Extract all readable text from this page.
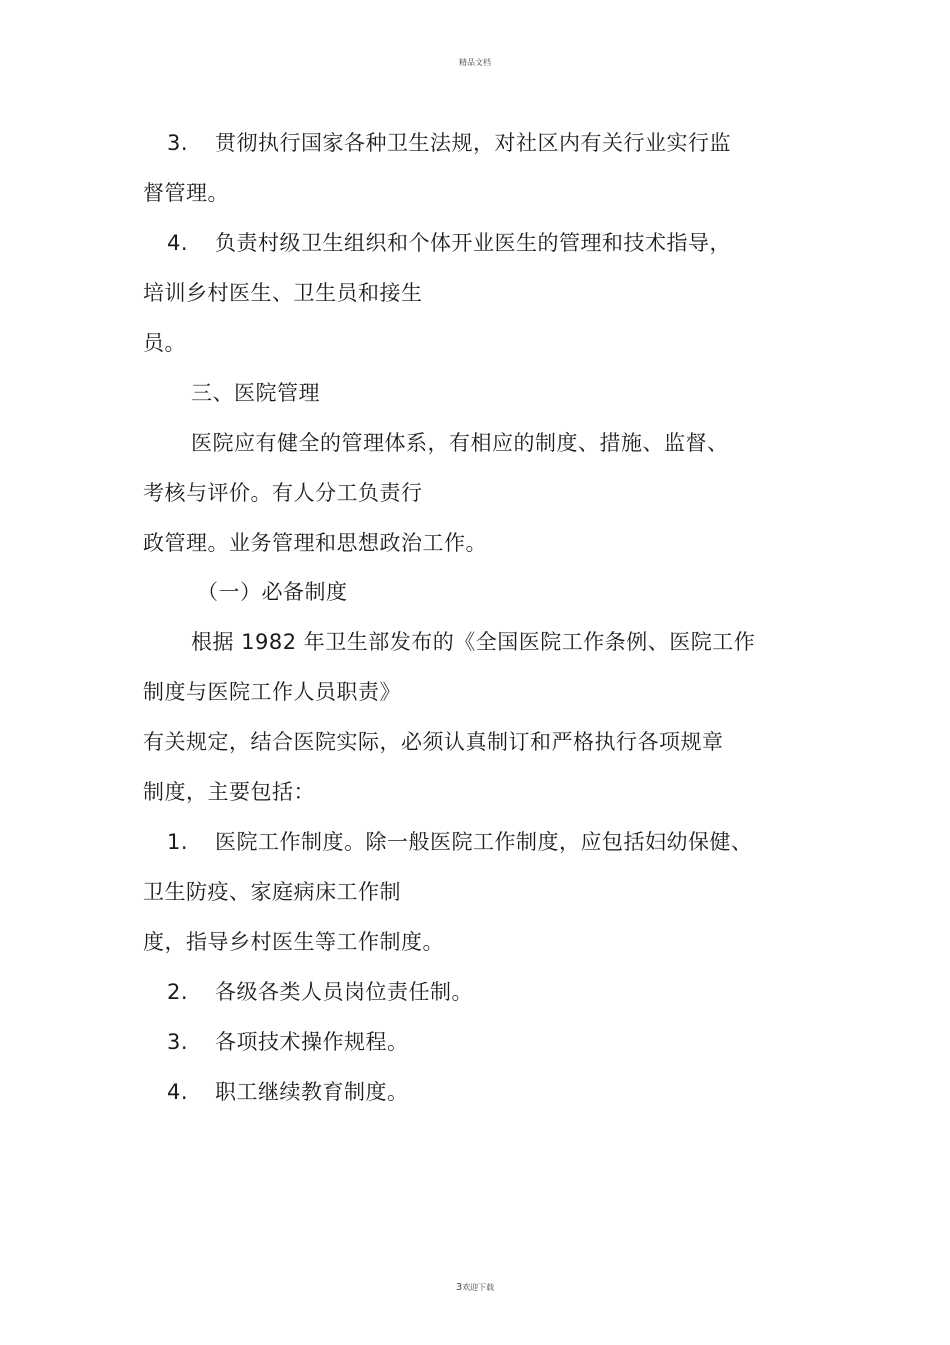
精品文档
3. 贯彻执行国家各种卫生法规，对社区内有关行业实行监
督管理。
4. 负责村级卫生组织和个体开业医生的管理和技术指导，
培训乡村医生、卫生员和接生
员。
三、医院管理
医院应有健全的管理体系，有相应的制度、措施、监督、
考核与评价。有人分工负责行
政管理。业务管理和思想政治工作。
（一）必备制度
根据 1982 年卫生部发布的《全国医院工作条例、医院工作
制度与医院工作人员职责》
有关规定，结合医院实际，必须认真制订和严格执行各项规章
制度，主要包括：
1. 医院工作制度。除一般医院工作制度，应包括妇幼保健、
卫生防疫、家庭病床工作制
度，指导乡村医生等工作制度。
2. 各级各类人员岗位责任制。
3. 各项技术操作规程。
4. 职工继续教育制度。
3欢迎下载
